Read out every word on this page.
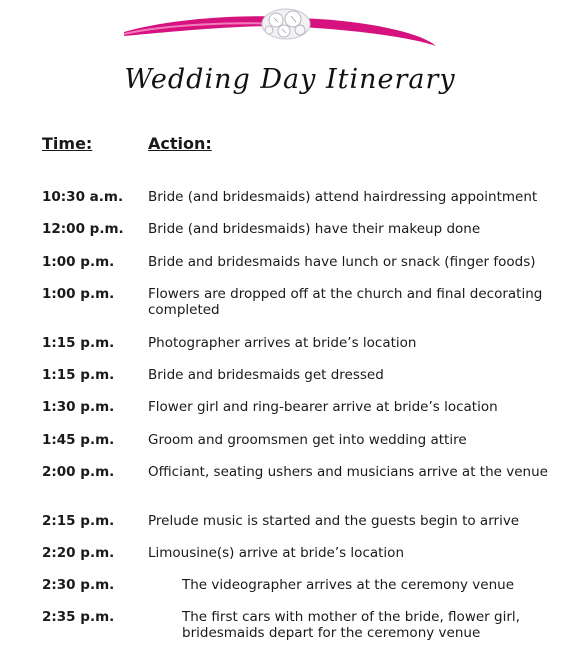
Wedding Day Itinerary
Time:	Action:
10:30 a.m. Bride (and bridesmaids) attend hairdressing appointment
12:00 p.m. Bride (and bridesmaids) have their makeup done
1:00 p.m. Bride and bridesmaids have lunch or snack (finger foods)
1:00 p.m. Flowers are dropped off at the church and final decorating completed
1:15 p.m. Photographer arrives at bride’s location
1:15 p.m. Bride and bridesmaids get dressed
1:30 p.m. Flower girl and ring-bearer arrive at bride’s location
1:45 p.m. Groom and groomsmen get into wedding attire
2:00 p.m. Officiant, seating ushers and musicians arrive at the venue
2:15 p.m. Prelude music is started and the guests begin to arrive
2:20 p.m. Limousine(s) arrive at bride’s location
2:30 p.m.	The videographer arrives at the ceremony venue
2:35 p.m.	The first cars with mother of the bride, flower girl, bridesmaids depart for the ceremony venue
